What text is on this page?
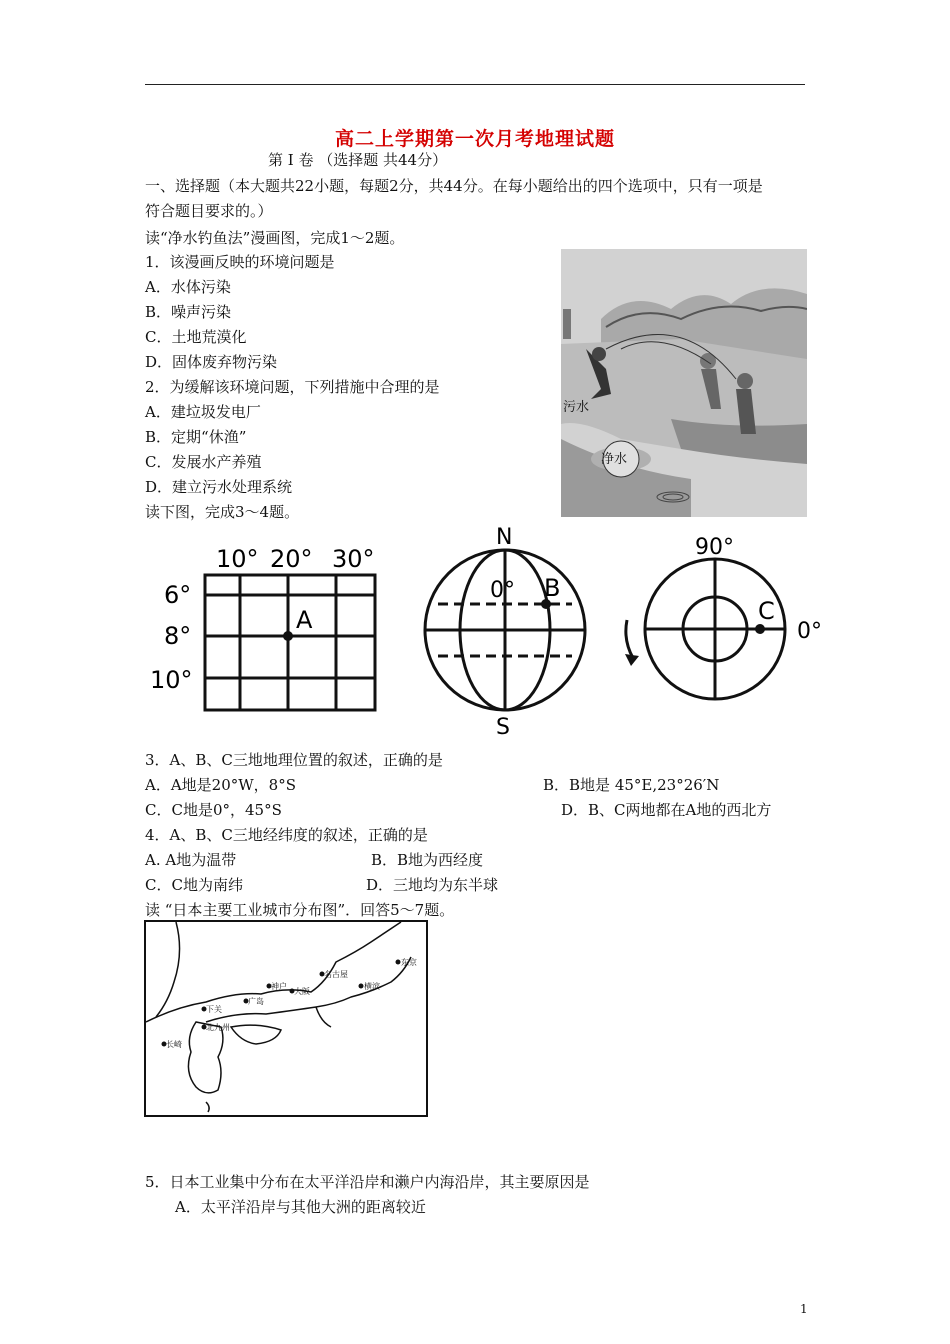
高二上学期第一次月考地理试题
第 Ⅰ 卷 （选择题 共44分）
一、选择题（本大题共22小题，每题2分，共44分。在每小题给出的四个选项中，只有一项是
符合题目要求的。）
读“净水钓鱼法”漫画图，完成1～2题。
1．该漫画反映的环境问题是
A．水体污染
B．噪声污染
C．土地荒漠化
D．固体废弃物污染
2．为缓解该环境问题，下列措施中合理的是
A．建垃圾发电厂
B．定期“休渔”
C．发展水产养殖
D．建立污水处理系统
污水
净水
读下图，完成3～4题。
10° 20° 30°
6°
8°
10°
A
N
S
0° B
90°
0°
C
3．A、B、C三地地理位置的叙述，正确的是
A．A地是20°W，8°S	B．B地是 45°E,23°26′N
C．C地是0°，45°S	D．B、C两地都在A地的西北方
4．A、B、C三地经纬度的叙述，正确的是
A. A地为温带	B．B地为西经度
C．C地为南纬	D．三地均为东半球
读 “日本主要工业城市分布图”．回答5～7题。
东京
横滨
名古屋
大阪
神户
广岛
下关
北九州
长崎
5．日本工业集中分布在太平洋沿岸和濑户内海沿岸，其主要原因是
A．太平洋沿岸与其他大洲的距离较近
1
